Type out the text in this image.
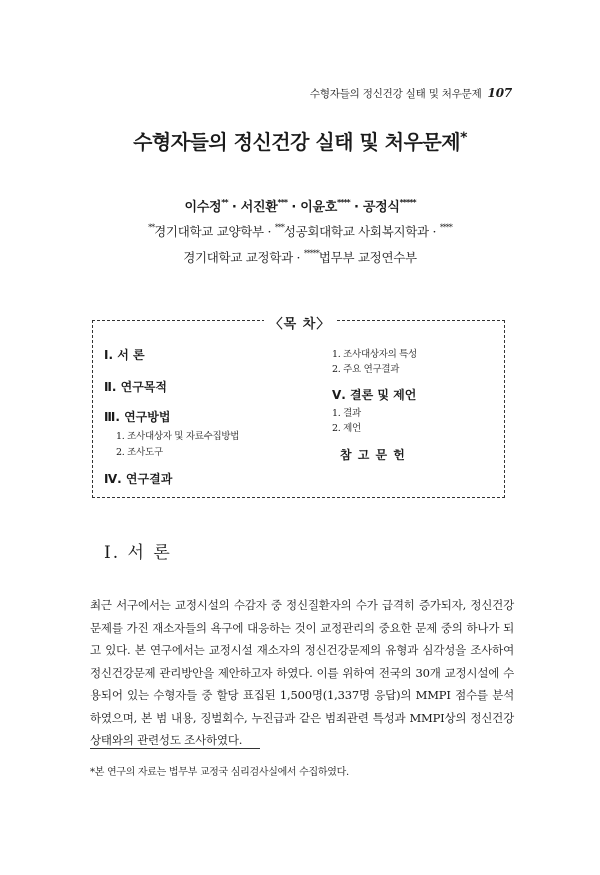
수형자들의 정신건강 실태 및 처우문제 107
수형자들의 정신건강 실태 및 처우문제*
이수정** · 서진환*** · 이윤호**** · 공정식*****
**경기대학교 교양학부 · ***성공회대학교 사회복지학과 · ****
경기대학교 교정학과 · *****법무부 교정연수부
〈목 차〉
Ⅰ. 서 론
Ⅱ. 연구목적
Ⅲ. 연구방법
1. 조사대상자 및 자료수집방법
2. 조사도구
Ⅳ. 연구결과
1. 조사대상자의 특성
2. 주요 연구결과
Ⅴ. 결론 및 제언
1. 결과
2. 제언
참 고 문 헌
Ⅰ. 서 론
최근 서구에서는 교정시설의 수감자 중 정신질환자의 수가 급격히 증가되자, 정신건강문제를 가진 재소자들의 욕구에 대응하는 것이 교정관리의 중요한 문제 중의 하나가 되고 있다. 본 연구에서는 교정시설 재소자의 정신건강문제의 유형과 심각성을 조사하여 정신건강문제 관리방안을 제안하고자 하였다. 이를 위하여 전국의 30개 교정시설에 수용되어 있는 수형자들 중 할당 표집된 1,500명(1,337명 응답)의 MMPI 점수를 분석하였으며, 본 범 내용, 징벌회수, 누진급과 같은 범죄관련 특성과 MMPI상의 정신건강상태와의 관련성도 조사하였다.
*본 연구의 자료는 법무부 교정국 심리검사실에서 수집하였다.
